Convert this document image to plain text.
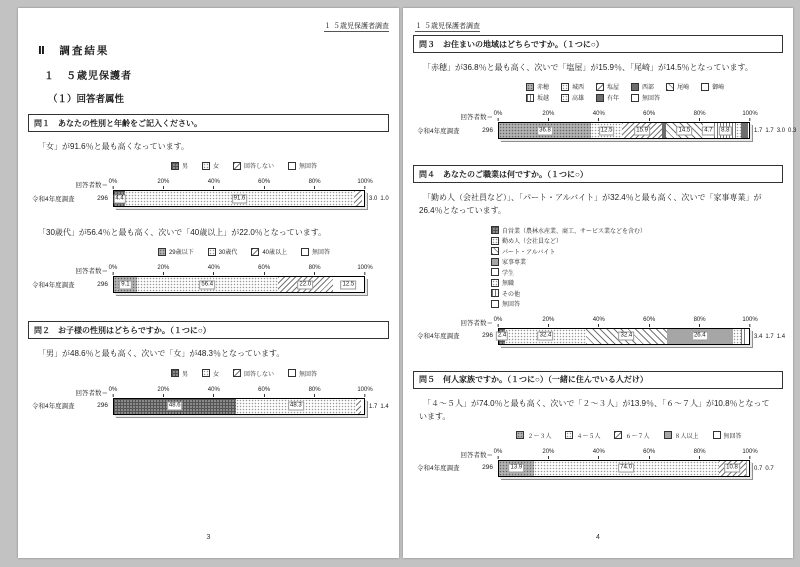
１ ５歳児保護者調査
Ⅱ　調査結果
１　５歳児保護者
（１）回答者属性
問１　あなたの性別と年齢をご記入ください。

　「女」が91.6％と最も高くなっています。

男	女	回答しない	無回答
回答者数＝
令和4年度調査	296
0%	20%	40%	60%	80%	100%
4.4	91.6	3.0 1.0

　「30歳代」が56.4％と最も高く、次いで「40歳以上」が22.0％となっています。

29歳以下	30歳代	40歳以上	無回答
回答者数＝
令和4年度調査	296
0%	20%	40%	60%	80%	100%
9.1	56.4	22.0	12.5
問２　お子様の性別はどちらですか。（１つに○）

　「男」が48.6％と最も高く、次いで「女」が48.3％となっています。

男	女	回答しない	無回答
回答者数＝
令和4年度調査	296
0%	20%	40%	60%	80%	100%
48.6	48.3	1.7 1.4
3
１ ５歳児保護者調査
問３　お住まいの地域はどちらですか。（１つに○）

　「赤穂」が36.8％と最も高く、次いで「塩屋」が15.9％、「尾崎」が14.5％となっています。

赤穂	城西	塩屋	西部	尾崎	御崎
坂越	高雄	有年	無回答
回答者数＝
令和4年度調査	296
0%	20%	40%	60%	80%	100%
36.8	12.5	15.9	14.5	4.7	8.8	1.7 1.7 3.0 0.3
問４　あなたのご職業は何ですか。（１つに○）

　「勤め人（会社員など）」、「パート・アルバイト」が32.4％と最も高く、次いで「家事専業」が26.4％となっています。

自営業（農林水産業、商工、サービス業などを含む）
勤め人（会社員など）
パート・アルバイト
家事専業
学生
無職
その他
無回答
回答者数＝
令和4年度調査	296
0%	20%	40%	60%	80%	100%
2.4	32.4	32.4	26.4	3.4 1.7 1.4
問５　何人家族ですか。（１つに○）（一緒に住んでいる人だけ）

　「４～５人」が74.0％と最も高く、次いで「２～３人」が13.9％、「６～７人」が10.8％となっています。

２～３人	４～５人	６～７人	８人以上	無回答
回答者数＝
令和4年度調査	296
0%	20%	40%	60%	80%	100%
13.9	74.0	10.8	0.7 0.7
4
